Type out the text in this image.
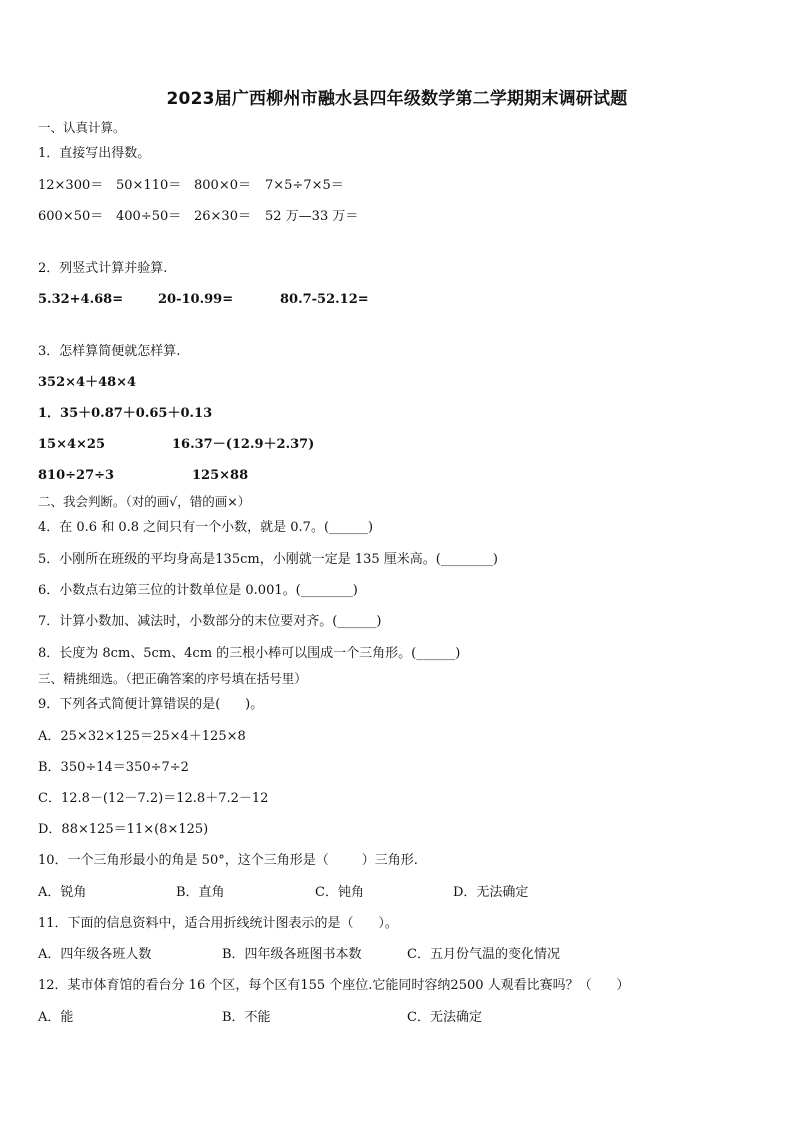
2023届广西柳州市融水县四年级数学第二学期期末调研试题
一、认真计算。
1．直接写出得数。
12×300＝ 50×110＝ 800×0＝ 7×5÷7×5＝
600×50＝ 400÷50＝ 26×30＝ 52 万—33 万＝
2．列竖式计算并验算.
5.32+4.68=	20-10.99=	80.7-52.12=
3．怎样算简便就怎样算.
352×4＋48×4
1．35＋0.87＋0.65＋0.13
15×4×25	16.37－(12.9＋2.37)
810÷27÷3	125×88
二、我会判断。（对的画√，错的画×）
4．在 0.6 和 0.8 之间只有一个小数，就是 0.7。(______)
5．小刚所在班级的平均身高是135cm，小刚就一定是 135 厘米高。(________)
6．小数点右边第三位的计数单位是 0.001。(________)
7．计算小数加、减法时，小数部分的末位要对齐。(______)
8．长度为 8cm、5cm、4cm 的三根小棒可以围成一个三角形。(______)
三、精挑细选。（把正确答案的序号填在括号里）
9．下列各式简便计算错误的是(      )。
A．25×32×125＝25×4＋125×8
B．350÷14＝350÷7÷2
C．12.8－(12－7.2)＝12.8＋7.2－12
D．88×125＝11×(8×125)
10．一个三角形最小的角是 50°，这个三角形是（        ）三角形.
A．锐角	B．直角	C．钝角	D．无法确定
11．下面的信息资料中，适合用折线统计图表示的是（      ）。
A．四年级各班人数	B．四年级各班图书本数	C．五月份气温的变化情况
12．某市体育馆的看台分 16 个区，每个区有155 个座位.它能同时容纳2500 人观看比赛吗？（      ）
A．能	B．不能	C．无法确定
